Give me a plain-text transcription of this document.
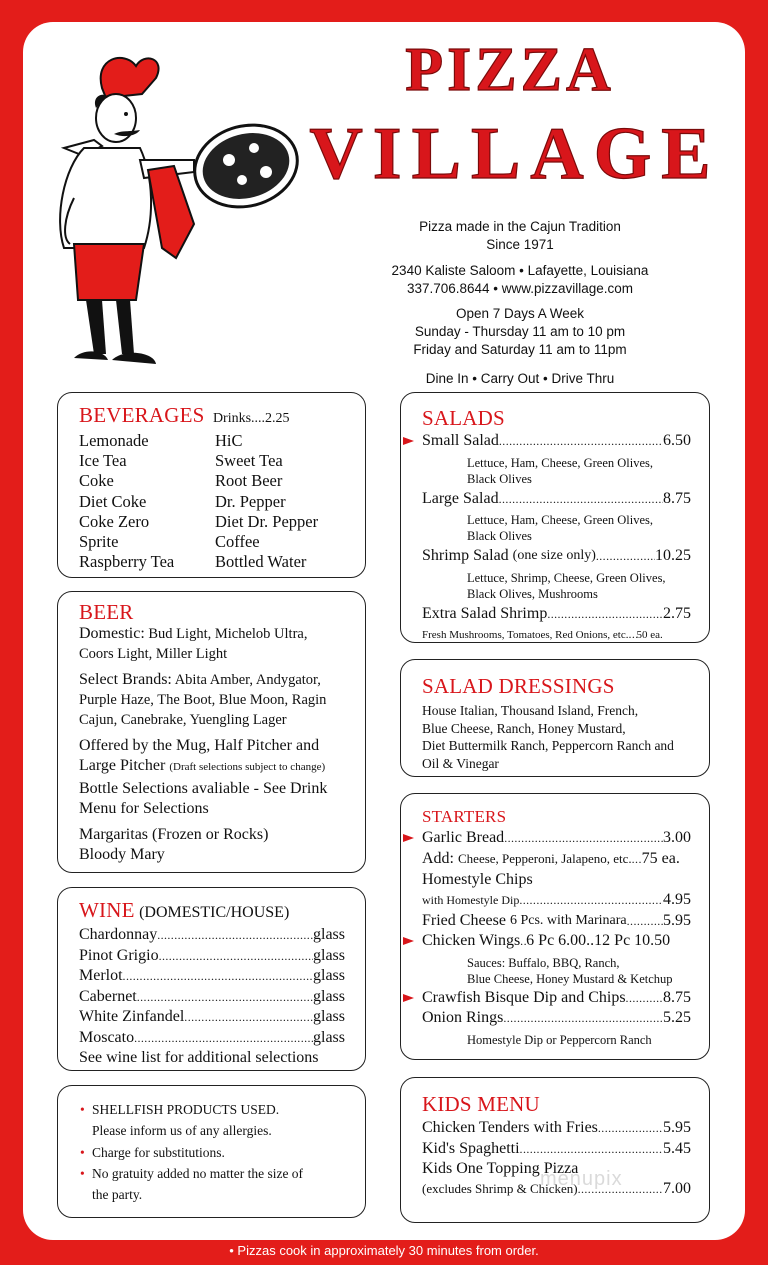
PIZZA
VILLAGE
Pizza made in the Cajun Tradition
Since 1971
2340 Kaliste Saloom • Lafayette, Louisiana
337.706.8644 • www.pizzavillage.com
Open 7 Days A Week
Sunday - Thursday 11 am to 10 pm
Friday and Saturday 11 am to 11pm
Dine In • Carry Out • Drive Thru
BEVERAGES Drinks....2.25
Lemonade	HiC
Ice Tea	Sweet Tea
Coke	Root Beer
Diet Coke	Dr. Pepper
Coke Zero	Diet Dr. Pepper
Sprite	Coffee
Raspberry Tea	Bottled Water
BEER
Domestic: Bud Light, Michelob Ultra,
Coors Light, Miller Light
Select Brands: Abita Amber, Andygator,
Purple Haze, The Boot, Blue Moon, Ragin
Cajun, Canebrake, Yuengling Lager
Offered by the Mug, Half Pitcher and
Large Pitcher (Draft selections subject to change)
Bottle Selections avaliable - See Drink
Menu for Selections
Margaritas (Frozen or Rocks)
Bloody Mary
WINE (DOMESTIC/HOUSE)
Chardonnay .....	glass
Pinot Grigio .....	glass
Merlot .....	glass
Cabernet .....	glass
White Zinfandel .....	glass
Moscato .....	glass
See wine list for additional selections
• SHELLFISH PRODUCTS USED.
Please inform us of any allergies.
• Charge for substitutions.
• No gratuity added no matter the size of
the party.
SALADS
Small Salad .....	6.50
Lettuce, Ham, Cheese, Green Olives,
Black Olives
Large Salad .....	8.75
Lettuce, Ham, Cheese, Green Olives,
Black Olives
Shrimp Salad
(one size only) .....	10.25
Lettuce, Shrimp, Cheese, Green Olives,
Black Olives, Mushrooms
Extra Salad Shrimp .....	2.75
Fresh Mushrooms, Tomatoes, Red Onions, etc. ..... 50 ea.
SALAD DRESSINGS
House Italian, Thousand Island, French,
Blue Cheese, Ranch, Honey Mustard,
Diet Buttermilk Ranch, Peppercorn Ranch and
Oil & Vinegar
STARTERS
Garlic Bread .....	3.00
Add:
Cheese, Pepperoni, Jalapeno, etc. ..... 75 ea.
Homestyle Chips
with Homestyle Dip .....	4.95
Fried Cheese
6 Pcs. with Marinara ..... 5.95
Chicken Wings ..... 6 Pc 6.00..12 Pc 10.50
Sauces: Buffalo, BBQ, Ranch,
Blue Cheese, Honey Mustard & Ketchup
Crawfish Bisque Dip and Chips ..... 8.75
Onion Rings .....	5.25
Homestyle Dip or Peppercorn Ranch
KIDS MENU
Chicken Tenders with Fries .....	5.95
Kid's Spaghetti .....	5.45
Kids One Topping Pizza
(excludes Shrimp & Chicken) .....	7.00
menupix
• Pizzas cook in approximately 30 minutes from order.
